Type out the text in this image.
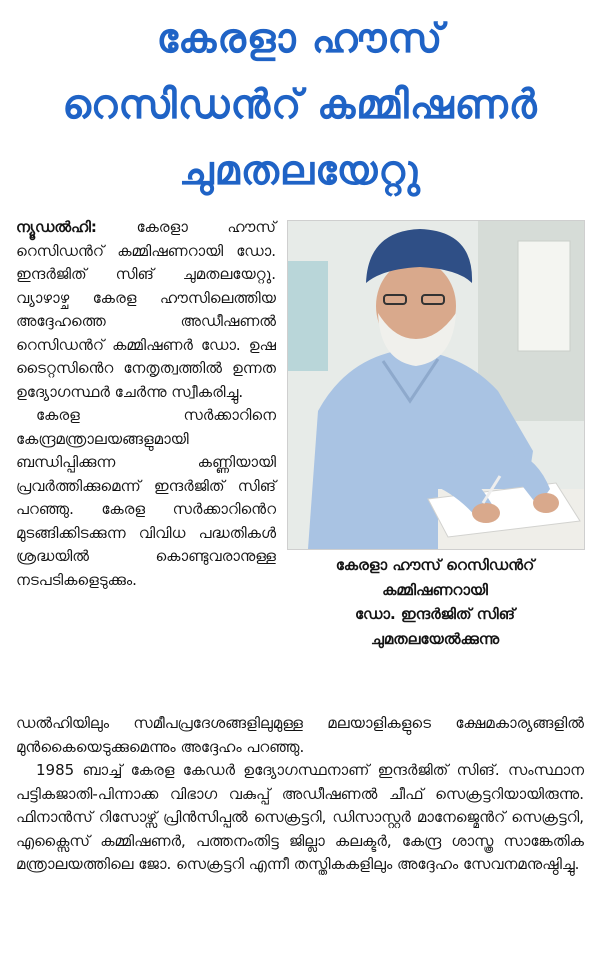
കേരളാ ഹൗസ്
റെസിഡൻറ് കമ്മിഷണർ
ചുമതലയേറ്റു

ന്യൂഡൽഹി:	കേരളാ ഹൗസ് റെസിഡൻറ് കമ്മിഷണറായി ഡോ. ഇന്ദർജിത് സിങ് ചുമതലയേറ്റു. വ്യാഴാഴ്ച കേരള ഹൗസിലെത്തിയ അദ്ദേഹത്തെ അഡീഷണൽ റെസിഡൻറ് കമ്മിഷണർ ഡോ. ഉഷ ടൈറ്റസിൻെറ നേതൃത്വത്തിൽ ഉന്നത ഉദ്യോഗസ്ഥർ ചേർന്നു സ്വീകരിച്ചു.

കേരള സർക്കാറിനെ കേന്ദ്രമന്ത്രാലയങ്ങളുമായി ബന്ധിപ്പിക്കുന്ന കണ്ണിയായി പ്രവർത്തിക്കുമെന്ന് ഇന്ദർജിത് സിങ് പറഞ്ഞു. കേരള സർക്കാറിൻെറ മുടങ്ങിക്കിടക്കുന്ന വിവിധ പദ്ധതികൾ ശ്രദ്ധയിൽ കൊണ്ടുവരാനുള്ള നടപടികളെടുക്കും.

കേരളാ ഹൗസ് റെസിഡൻറ്
കമ്മിഷണറായി
ഡോ. ഇന്ദർജിത് സിങ്
ചുമതലയേൽക്കുന്നു

ഡൽഹിയിലും സമീപപ്രദേശങ്ങളിലുമുള്ള മലയാളികളുടെ ക്ഷേമകാര്യങ്ങളിൽ മുൻകൈയെടുക്കുമെന്നും അദ്ദേഹം പറഞ്ഞു.

1985 ബാച്ച് കേരള കേഡർ ഉദ്യോഗസ്ഥനാണ് ഇന്ദർജിത് സിങ്. സംസ്ഥാന പട്ടികജാതി-പിന്നാക്ക വിഭാഗ വകുപ്പ് അഡീഷണൽ ചീഫ് സെക്രട്ടറിയായിരുന്നു. ഫിനാൻസ് റിസോഴ്സ് പ്രിൻസിപ്പൽ സെക്രട്ടറി, ഡിസാസ്റ്റർ മാനേജ്മെൻറ് സെക്രട്ടറി, എക്സൈസ് കമ്മിഷണർ, പത്തനംതിട്ട ജില്ലാ കലക്ടർ, കേന്ദ്ര ശാസ്ത്ര സാങ്കേതിക മന്ത്രാലയത്തിലെ ജോ. സെക്രട്ടറി എന്നീ തസ്തികകളിലും അദ്ദേഹം സേവനമനുഷ്ഠിച്ചു.
